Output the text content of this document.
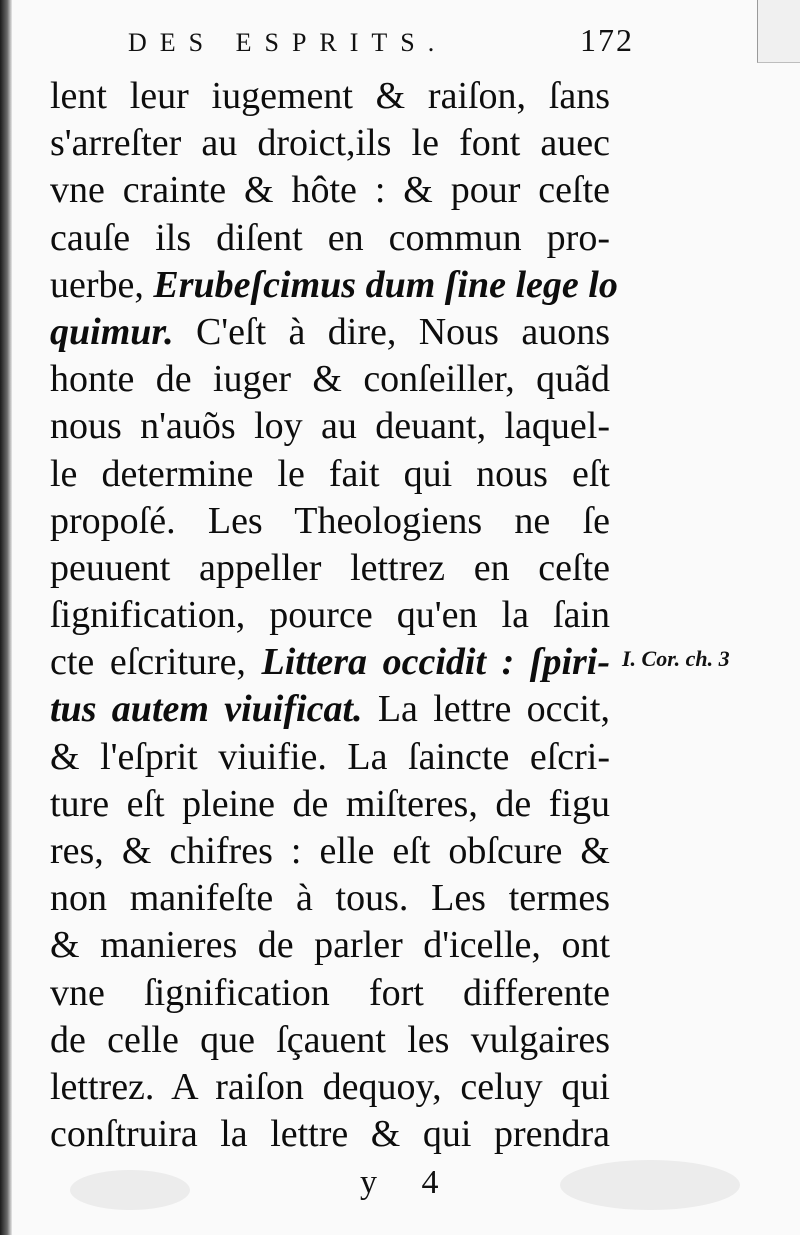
DES ESPRITS.	172
lent leur iugement & raiſon, ſans
s'arreſter au droict,ils le font auec
vne crainte & hôte : & pour ceſte
cauſe ils diſent en commun pro-
uerbe, Erubeſcimus dum ſine lege lo
quimur. C'eſt à dire, Nous auons
honte de iuger & conſeiller, quãd
nous n'auõs loy au deuant, laquel-
le determine le fait qui nous eſt
propoſé. Les Theologiens ne ſe
peuuent appeller lettrez en ceſte
ſignification, pource qu'en la ſain
cte eſcriture, Littera occidit : ſpiri-
tus autem viuificat. La lettre occit,
& l'eſprit viuifie. La ſaincte eſcri-
ture eſt pleine de miſteres, de figu
res, & chifres : elle eſt obſcure &
non manifeſte à tous. Les termes
& manieres de parler d'icelle, ont
vne ſignification fort differente
de celle que ſçauent les vulgaires
lettrez. A raiſon dequoy, celuy qui
conſtruira la lettre & qui prendra
I. Cor. ch. 3
y 4
